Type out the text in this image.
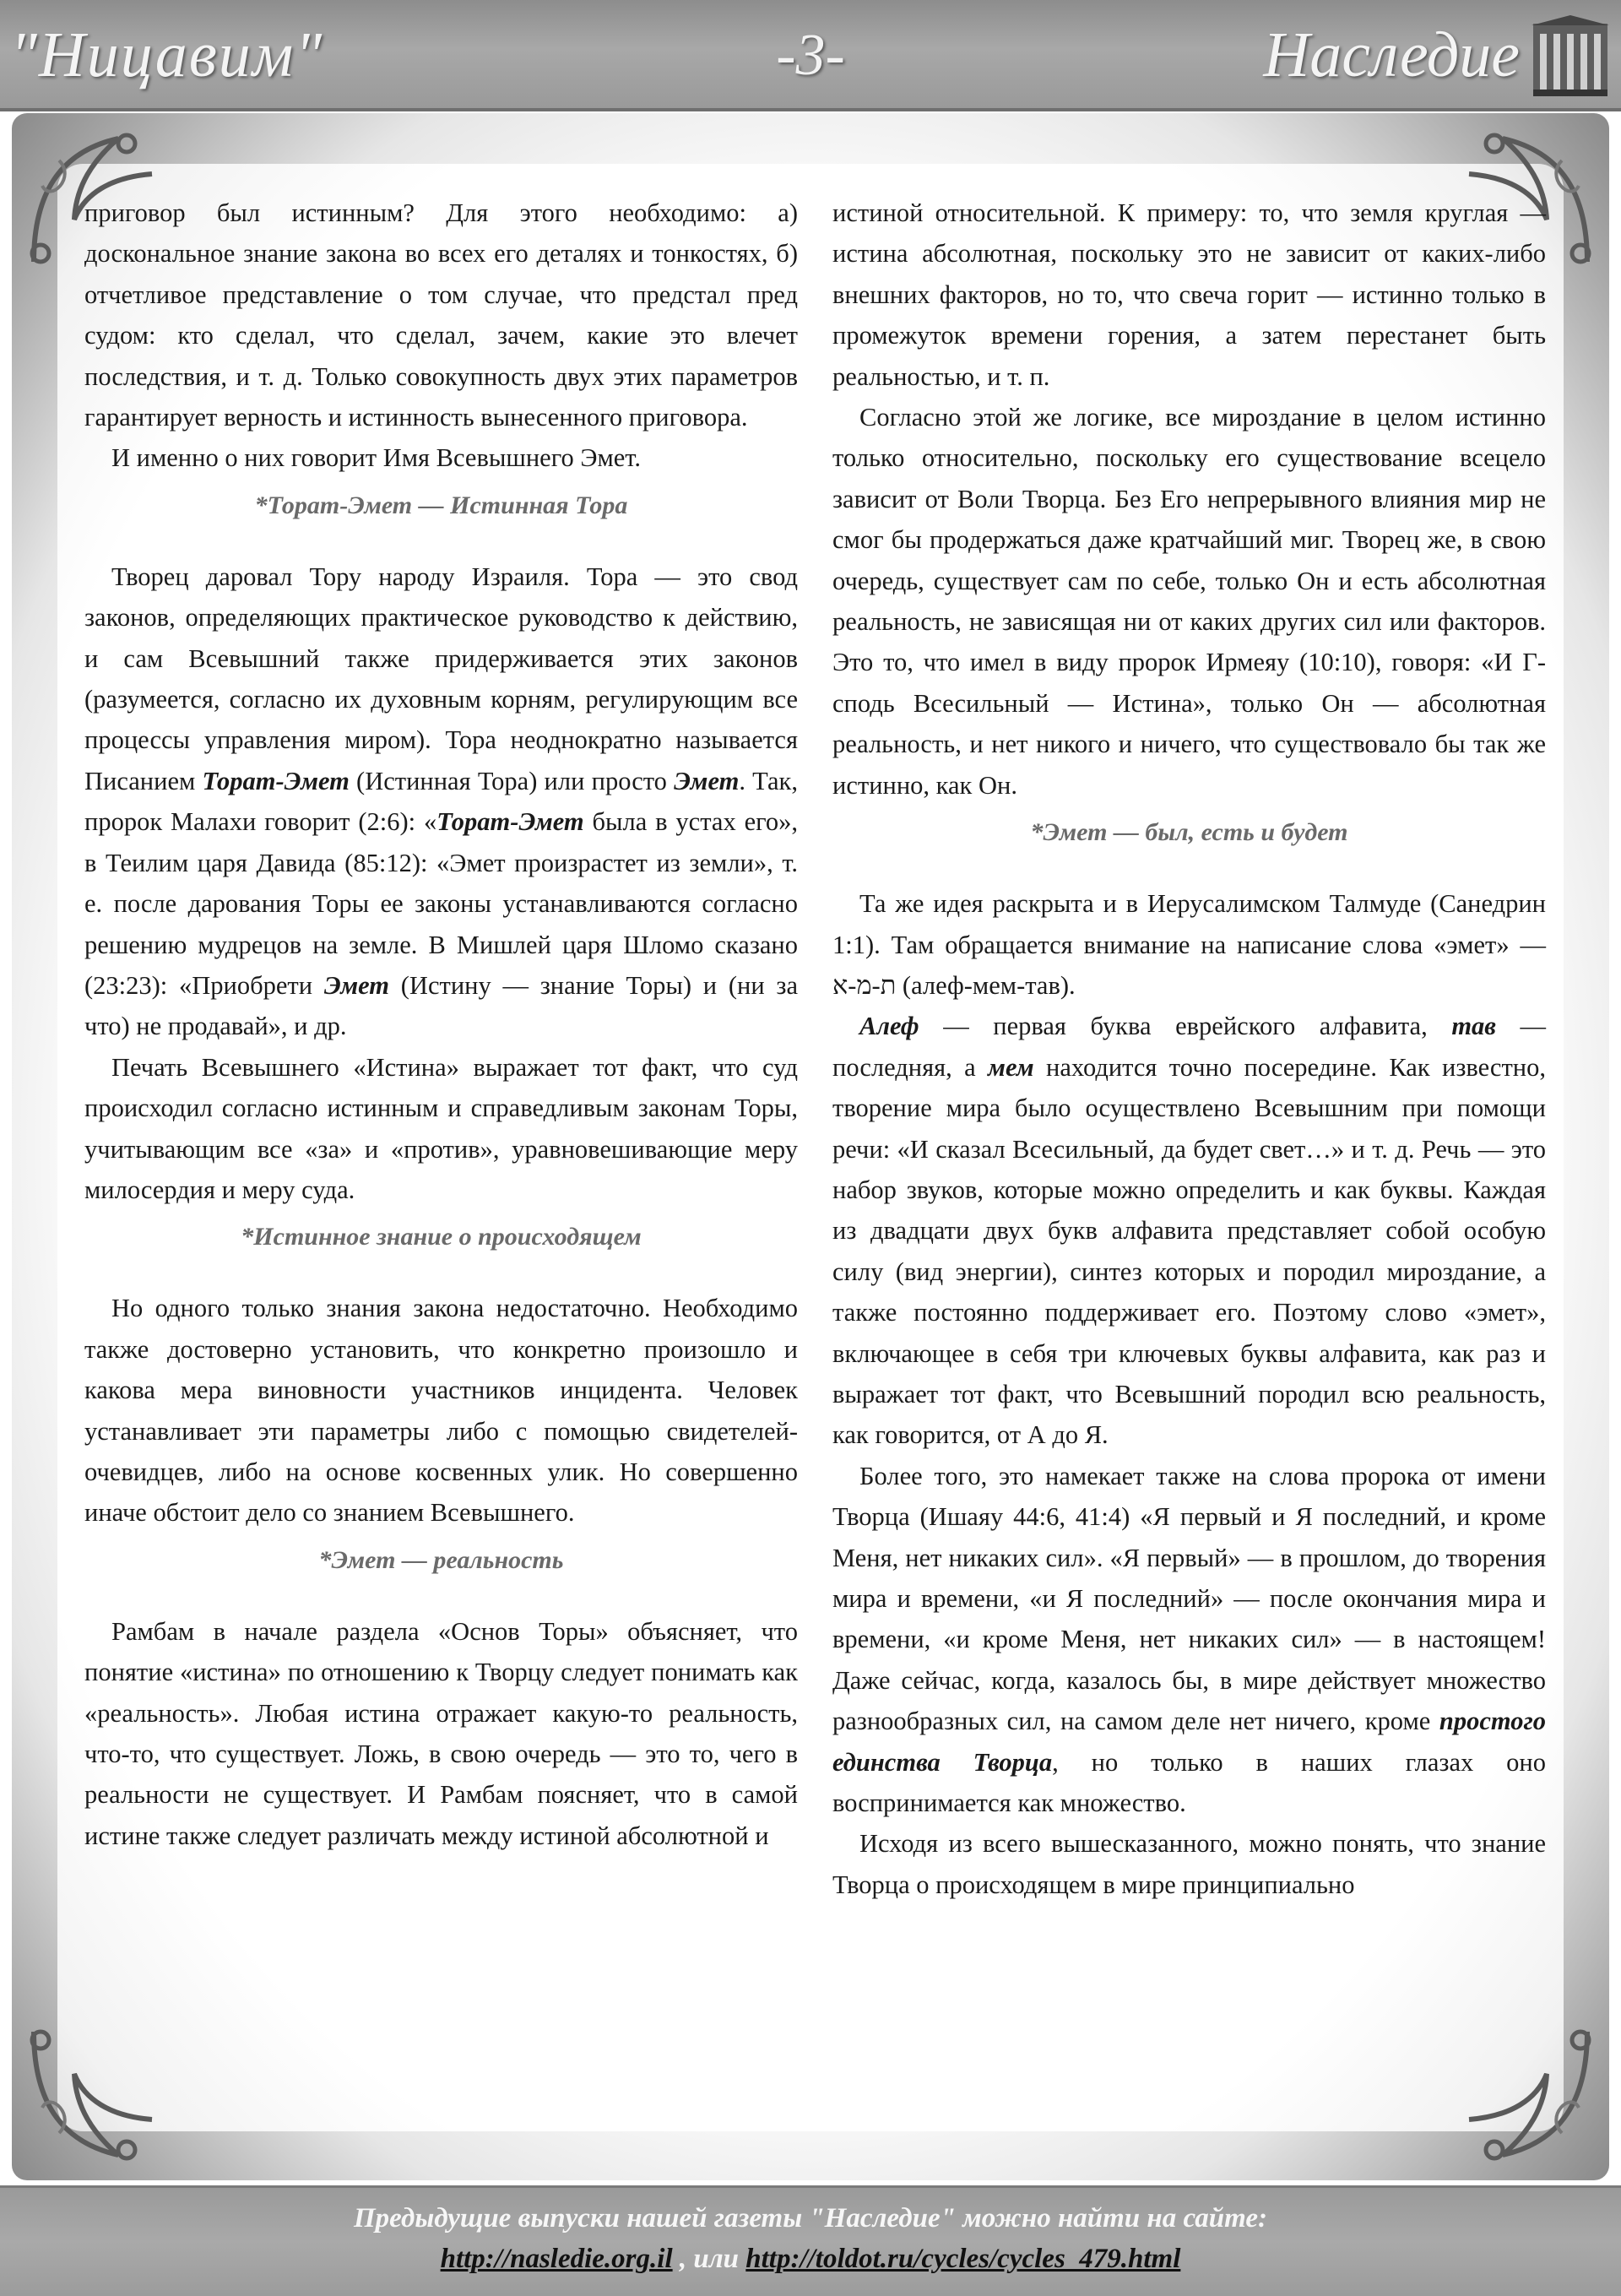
"Ницавим"	-3-	Наследие

приговор был истинным? Для этого необходимо: а) доскональное знание закона во всех его деталях и тонкостях, б) отчетливое представление о том случае, что предстал пред судом: кто сделал, что сделал, зачем, какие это влечет последствия, и т. д. Только совокупность двух этих параметров гарантирует верность и истинность вынесенного приговора.

И именно о них говорит Имя Всевышнего Эмет.

*Торат-Эмет — Истинная Тора

Творец даровал Тору народу Израиля. Тора — это свод законов, определяющих практическое руководство к действию, и сам Всевышний также придерживается этих законов (разумеется, согласно их духовным корням, регулирующим все процессы управления миром). Тора неоднократно называется Писанием Торат-Эмет (Истинная Тора) или просто Эмет. Так, пророк Малахи говорит (2:6): «Торат-Эмет была в устах его», в Теилим царя Давида (85:12): «Эмет произрастет из земли», т. е. после дарования Торы ее законы устанавливаются согласно решению мудрецов на земле. В Мишлей царя Шломо сказано (23:23): «Приобрети Эмет (Истину — знание Торы) и (ни за что) не продавай», и др.

Печать Всевышнего «Истина» выражает тот факт, что суд происходил согласно истинным и справедливым законам Торы, учитывающим все «за» и «против», уравновешивающие меру милосердия и меру суда.

*Истинное знание о происходящем

Но одного только знания закона недостаточно. Необходимо также достоверно установить, что конкретно произошло и какова мера виновности участников инцидента. Человек устанавливает эти параметры либо с помощью свидетелей-очевидцев, либо на основе косвенных улик. Но совершенно иначе обстоит дело со знанием Всевышнего.

*Эмет — реальность

Рамбам в начале раздела «Основ Торы» объясняет, что понятие «истина» по отношению к Творцу следует понимать как «реальность». Любая истина отражает какую-то реальность, что-то, что существует. Ложь, в свою очередь — это то, чего в реальности не существует. И Рамбам поясняет, что в самой истине также следует различать между истиной абсолютной и

истиной относительной. К примеру: то, что земля круглая — истина абсолютная, поскольку это не зависит от каких-либо внешних факторов, но то, что свеча горит — истинно только в промежуток времени горения, а затем перестанет быть реальностью, и т. п.

Согласно этой же логике, все мироздание в целом истинно только относительно, поскольку его существование всецело зависит от Воли Творца. Без Его непрерывного влияния мир не смог бы продержаться даже кратчайший миг. Творец же, в свою очередь, существует сам по себе, только Он и есть абсолютная реальность, не зависящая ни от каких других сил или факторов. Это то, что имел в виду пророк Ирмеяу (10:10), говоря: «И Г-сподь Всесильный — Истина», только Он — абсолютная реальность, и нет никого и ничего, что существовало бы так же истинно, как Он.

*Эмет — был, есть и будет

Та же идея раскрыта и в Иерусалимском Талмуде (Санедрин 1:1). Там обращается внимание на написание слова «эмет» — ת-מ-א (алеф-мем-тав).

Алеф — первая буква еврейского алфавита, тав — последняя, а мем находится точно посередине. Как известно, творение мира было осуществлено Всевышним при помощи речи: «И сказал Всесильный, да будет свет…» и т. д. Речь — это набор звуков, которые можно определить и как буквы. Каждая из двадцати двух букв алфавита представляет собой особую силу (вид энергии), синтез которых и породил мироздание, а также постоянно поддерживает его. Поэтому слово «эмет», включающее в себя три ключевых буквы алфавита, как раз и выражает тот факт, что Всевышний породил всю реальность, как говорится, от А до Я.

Более того, это намекает также на слова пророка от имени Творца (Ишаяу 44:6, 41:4) «Я первый и Я последний, и кроме Меня, нет никаких сил». «Я первый» — в прошлом, до творения мира и времени, «и Я последний» — после окончания мира и времени, «и кроме Меня, нет никаких сил» — в настоящем! Даже сейчас, когда, казалось бы, в мире действует множество разнообразных сил, на самом деле нет ничего, кроме простого единства Творца, но только в наших глазах оно воспринимается как множество.

Исходя из всего вышесказанного, можно понять, что знание Творца о происходящем в мире принципиально

Предыдущие выпуски нашей газеты "Наследие" можно найти на сайте:
http://nasledie.org.il , или http://toldot.ru/cycles/cycles_479.html
